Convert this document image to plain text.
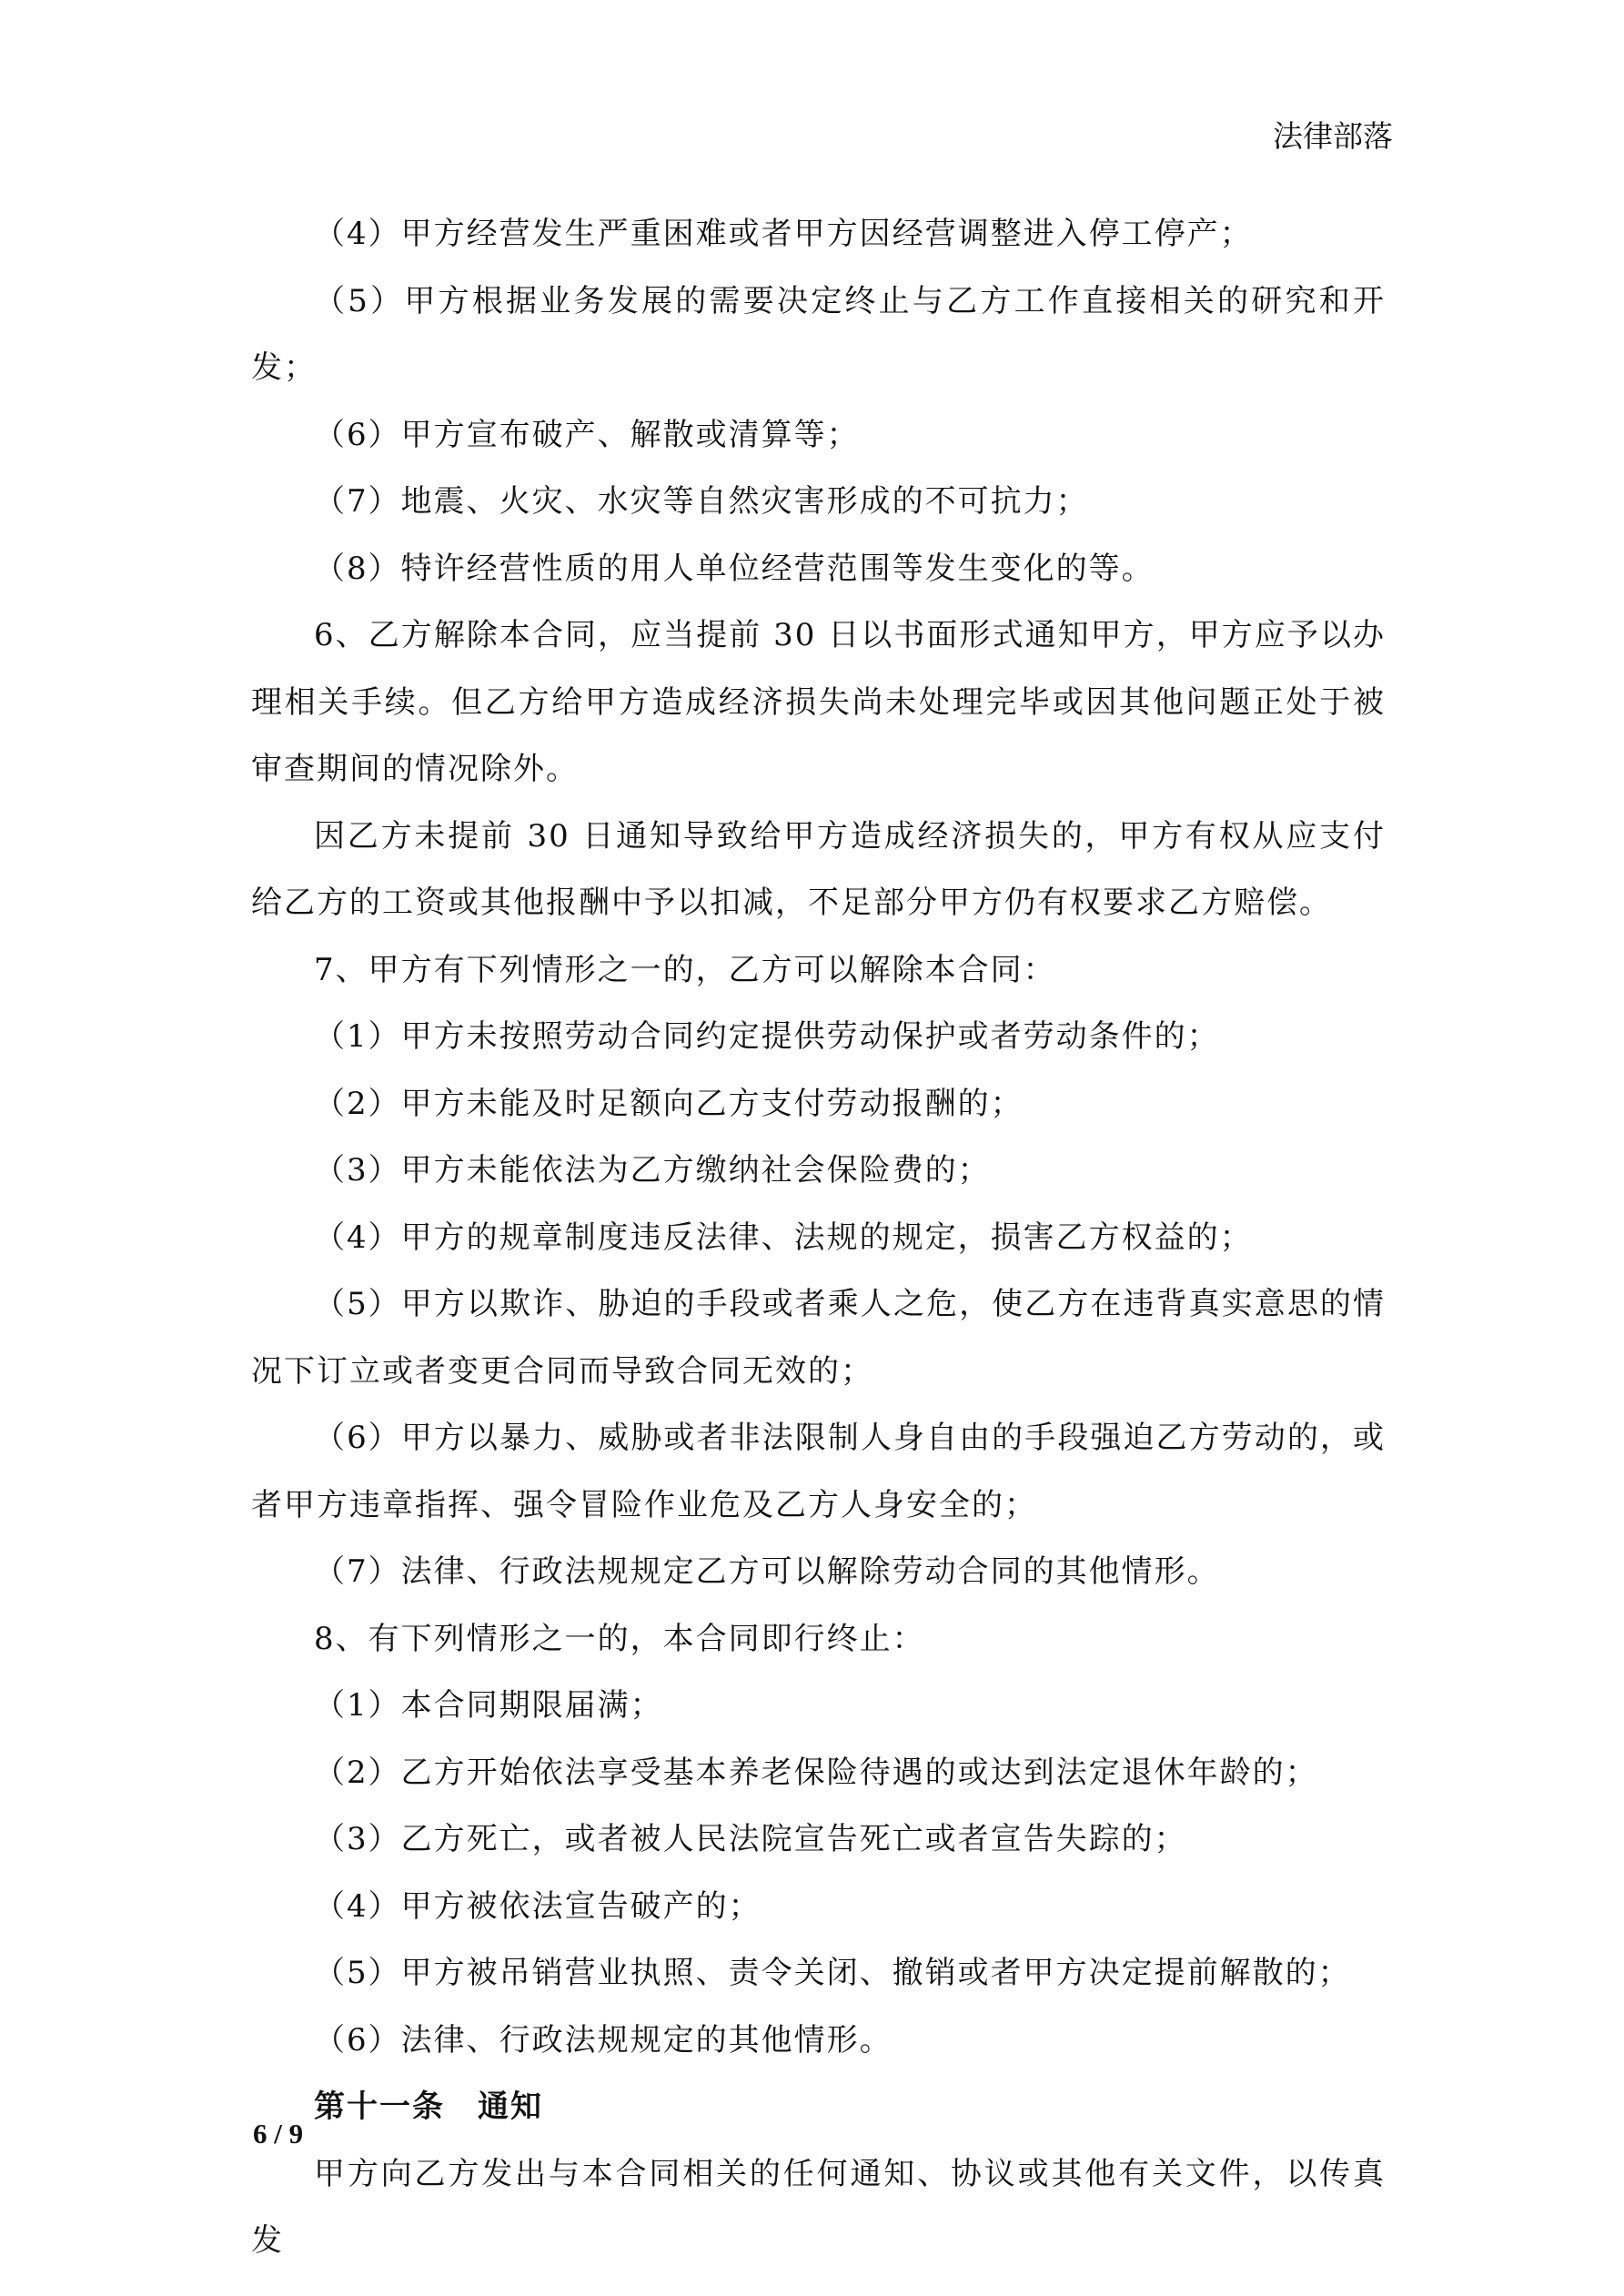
法律部落

（4）甲方经营发生严重困难或者甲方因经营调整进入停工停产；

（5）甲方根据业务发展的需要决定终止与乙方工作直接相关的研究和开发；

（6）甲方宣布破产、解散或清算等；

（7）地震、火灾、水灾等自然灾害形成的不可抗力；

（8）特许经营性质的用人单位经营范围等发生变化的等。

6、乙方解除本合同，应当提前 30 日以书面形式通知甲方，甲方应予以办理相关手续。但乙方给甲方造成经济损失尚未处理完毕或因其他问题正处于被审查期间的情况除外。

因乙方未提前 30 日通知导致给甲方造成经济损失的，甲方有权从应支付给乙方的工资或其他报酬中予以扣减，不足部分甲方仍有权要求乙方赔偿。

7、甲方有下列情形之一的，乙方可以解除本合同：

（1）甲方未按照劳动合同约定提供劳动保护或者劳动条件的；

（2）甲方未能及时足额向乙方支付劳动报酬的；

（3）甲方未能依法为乙方缴纳社会保险费的；

（4）甲方的规章制度违反法律、法规的规定，损害乙方权益的；

（5）甲方以欺诈、胁迫的手段或者乘人之危，使乙方在违背真实意思的情况下订立或者变更合同而导致合同无效的；

（6）甲方以暴力、威胁或者非法限制人身自由的手段强迫乙方劳动的，或者甲方违章指挥、强令冒险作业危及乙方人身安全的；

（7）法律、行政法规规定乙方可以解除劳动合同的其他情形。

8、有下列情形之一的，本合同即行终止：

（1）本合同期限届满；

（2）乙方开始依法享受基本养老保险待遇的或达到法定退休年龄的；

（3）乙方死亡，或者被人民法院宣告死亡或者宣告失踪的；

（4）甲方被依法宣告破产的；

（5）甲方被吊销营业执照、责令关闭、撤销或者甲方决定提前解散的；

（6）法律、行政法规规定的其他情形。

第十一条　通知

甲方向乙方发出与本合同相关的任何通知、协议或其他有关文件，以传真发

6 / 9
